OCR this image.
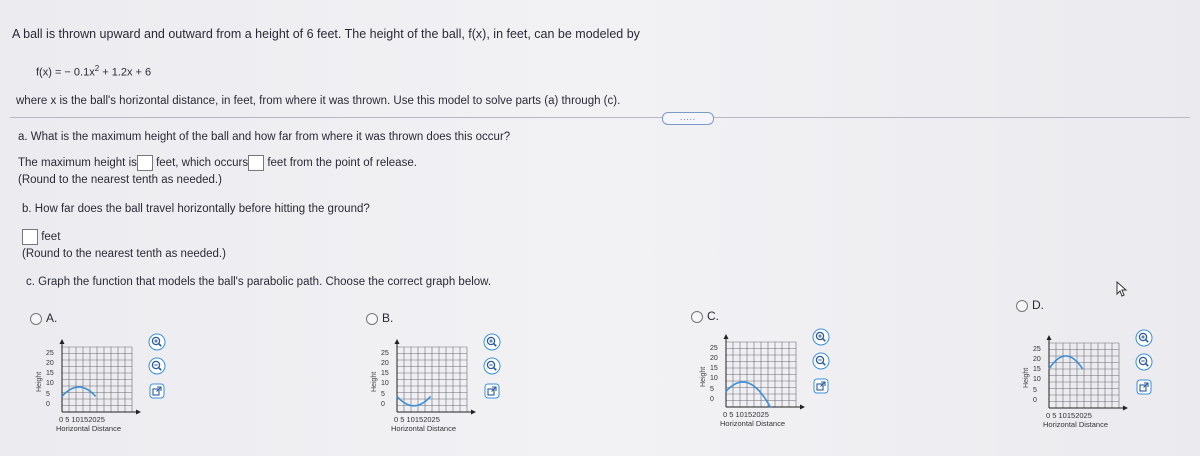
A ball is thrown upward and outward from a height of 6 feet. The height of the ball, f(x), in feet, can be modeled by
f(x) = − $0.1x^2 + 1.2x + 6$
where x is the ball's horizontal distance, in feet, from where it was thrown. Use this model to solve parts (a) through (c).
.....
a. What is the maximum height of the ball and how far from where it was thrown does this occur?
The maximum height is feet, which occurs feet from the point of release.
(Round to the nearest tenth as needed.)
b. How far does the ball travel horizontally before hitting the ground?
feet
(Round to the nearest tenth as needed.)
c. Graph the function that models the ball's parabolic path. Choose the correct graph below.
A.
25
20
15
10
5
0
0 5 10152025
Horizontal Distance
Height
B.
25
20
15
10
5
0
0 5 10152025
Horizontal Distance
Height
C.
25
20
15
10
5
0
0 5 10152025
Horizontal Distance
Height
D.
25
20
15
10
5
0
0 5 10152025
Horizontal Distance
Height
